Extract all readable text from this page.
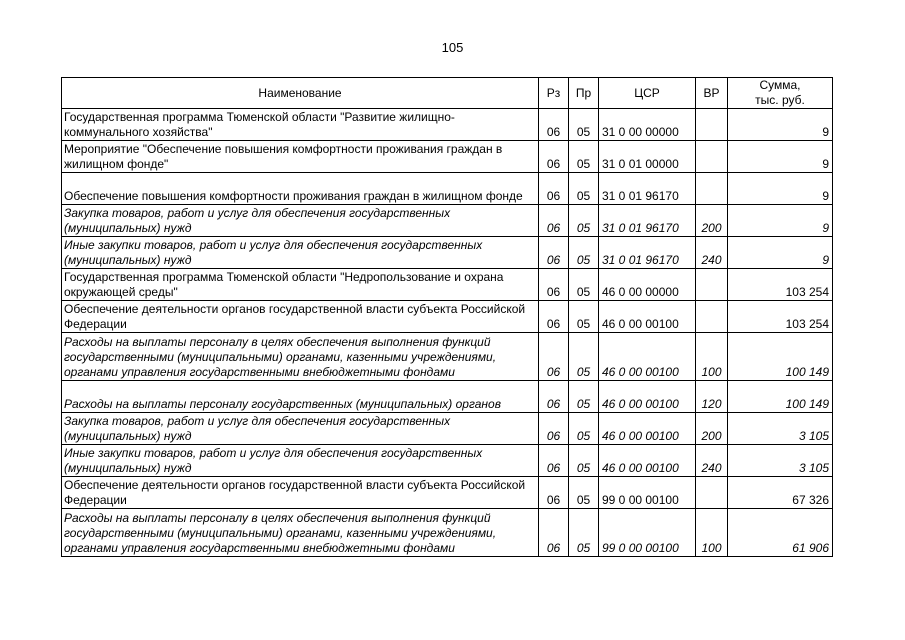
105
Наименование	Рз	Пр	ЦСР	ВР	Сумма,
тыс. руб.
Государственная программа Тюменской области "Развитие жилищно-коммунального хозяйства"	06	05	31 0 00 00000		9
Мероприятие "Обеспечение повышения комфортности проживания граждан в жилищном фонде"	06	05	31 0 01 00000		9
Обеспечение повышения комфортности проживания граждан в жилищном фонде	06	05	31 0 01 96170		9
Закупка товаров, работ и услуг для обеспечения государственных (муниципальных) нужд	06	05	31 0 01 96170	200	9
Иные закупки товаров, работ и услуг для обеспечения государственных (муниципальных) нужд	06	05	31 0 01 96170	240	9
Государственная программа Тюменской области "Недропользование и охрана окружающей среды"	06	05	46 0 00 00000		103 254
Обеспечение деятельности органов государственной власти субъекта Российской Федерации	06	05	46 0 00 00100		103 254
Расходы на выплаты персоналу в целях обеспечения выполнения функций государственными (муниципальными) органами, казенными учреждениями, органами управления государственными внебюджетными фондами	06	05	46 0 00 00100	100	100 149
Расходы на выплаты персоналу государственных (муниципальных) органов	06	05	46 0 00 00100	120	100 149
Закупка товаров, работ и услуг для обеспечения государственных (муниципальных) нужд	06	05	46 0 00 00100	200	3 105
Иные закупки товаров, работ и услуг для обеспечения государственных (муниципальных) нужд	06	05	46 0 00 00100	240	3 105
Обеспечение деятельности органов государственной власти субъекта Российской Федерации	06	05	99 0 00 00100		67 326
Расходы на выплаты персоналу в целях обеспечения выполнения функций государственными (муниципальными) органами, казенными учреждениями, органами управления государственными внебюджетными фондами	06	05	99 0 00 00100	100	61 906
